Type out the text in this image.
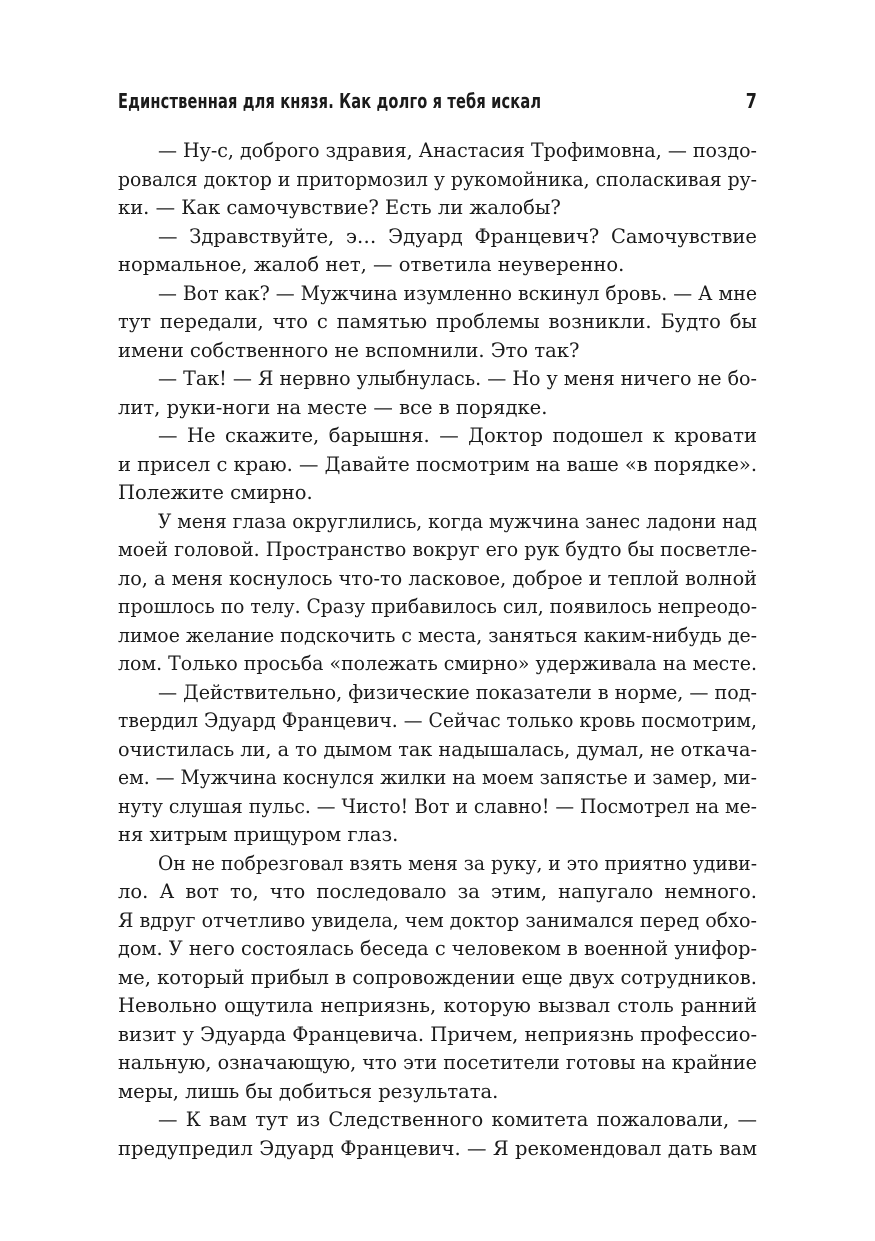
Единственная для князя. Как долго я тебя искал	7
— Ну-с, доброго здравия, Анастасия Трофимовна, — поздо-
ровался доктор и притормозил у рукомойника, споласкивая ру-
ки. — Как самочувствие? Есть ли жалобы?
— Здравствуйте, э… Эдуард Францевич? Самочувствие
нормальное, жалоб нет, — ответила неуверенно.
— Вот как? — Мужчина изумленно вскинул бровь. — А мне
тут передали, что с памятью проблемы возникли. Будто бы
имени собственного не вспомнили. Это так?
— Так! — Я нервно улыбнулась. — Но у меня ничего не бо-
лит, руки-ноги на месте — все в порядке.
— Не скажите, барышня. — Доктор подошел к кровати
и присел с краю. — Давайте посмотрим на ваше «в порядке».
Полежите смирно.
У меня глаза округлились, когда мужчина занес ладони над
моей головой. Пространство вокруг его рук будто бы посветле-
ло, а меня коснулось что-то ласковое, доброе и теплой волной
прошлось по телу. Сразу прибавилось сил, появилось непреодо-
лимое желание подскочить с места, заняться каким-нибудь де-
лом. Только просьба «полежать смирно» удерживала на месте.
— Действительно, физические показатели в норме, — под-
твердил Эдуард Францевич. — Сейчас только кровь посмотрим,
очистилась ли, а то дымом так надышалась, думал, не откача-
ем. — Мужчина коснулся жилки на моем запястье и замер, ми-
нуту слушая пульс. — Чисто! Вот и славно! — Посмотрел на ме-
ня хитрым прищуром глаз.
Он не побрезговал взять меня за руку, и это приятно удиви-
ло. А вот то, что последовало за этим, напугало немного.
Я вдруг отчетливо увидела, чем доктор занимался перед обхо-
дом. У него состоялась беседа с человеком в военной унифор-
ме, который прибыл в сопровождении еще двух сотрудников.
Невольно ощутила неприязнь, которую вызвал столь ранний
визит у Эдуарда Францевича. Причем, неприязнь профессио-
нальную, означающую, что эти посетители готовы на крайние
меры, лишь бы добиться результата.
— К вам тут из Следственного комитета пожаловали, —
предупредил Эдуард Францевич. — Я рекомендовал дать вам
